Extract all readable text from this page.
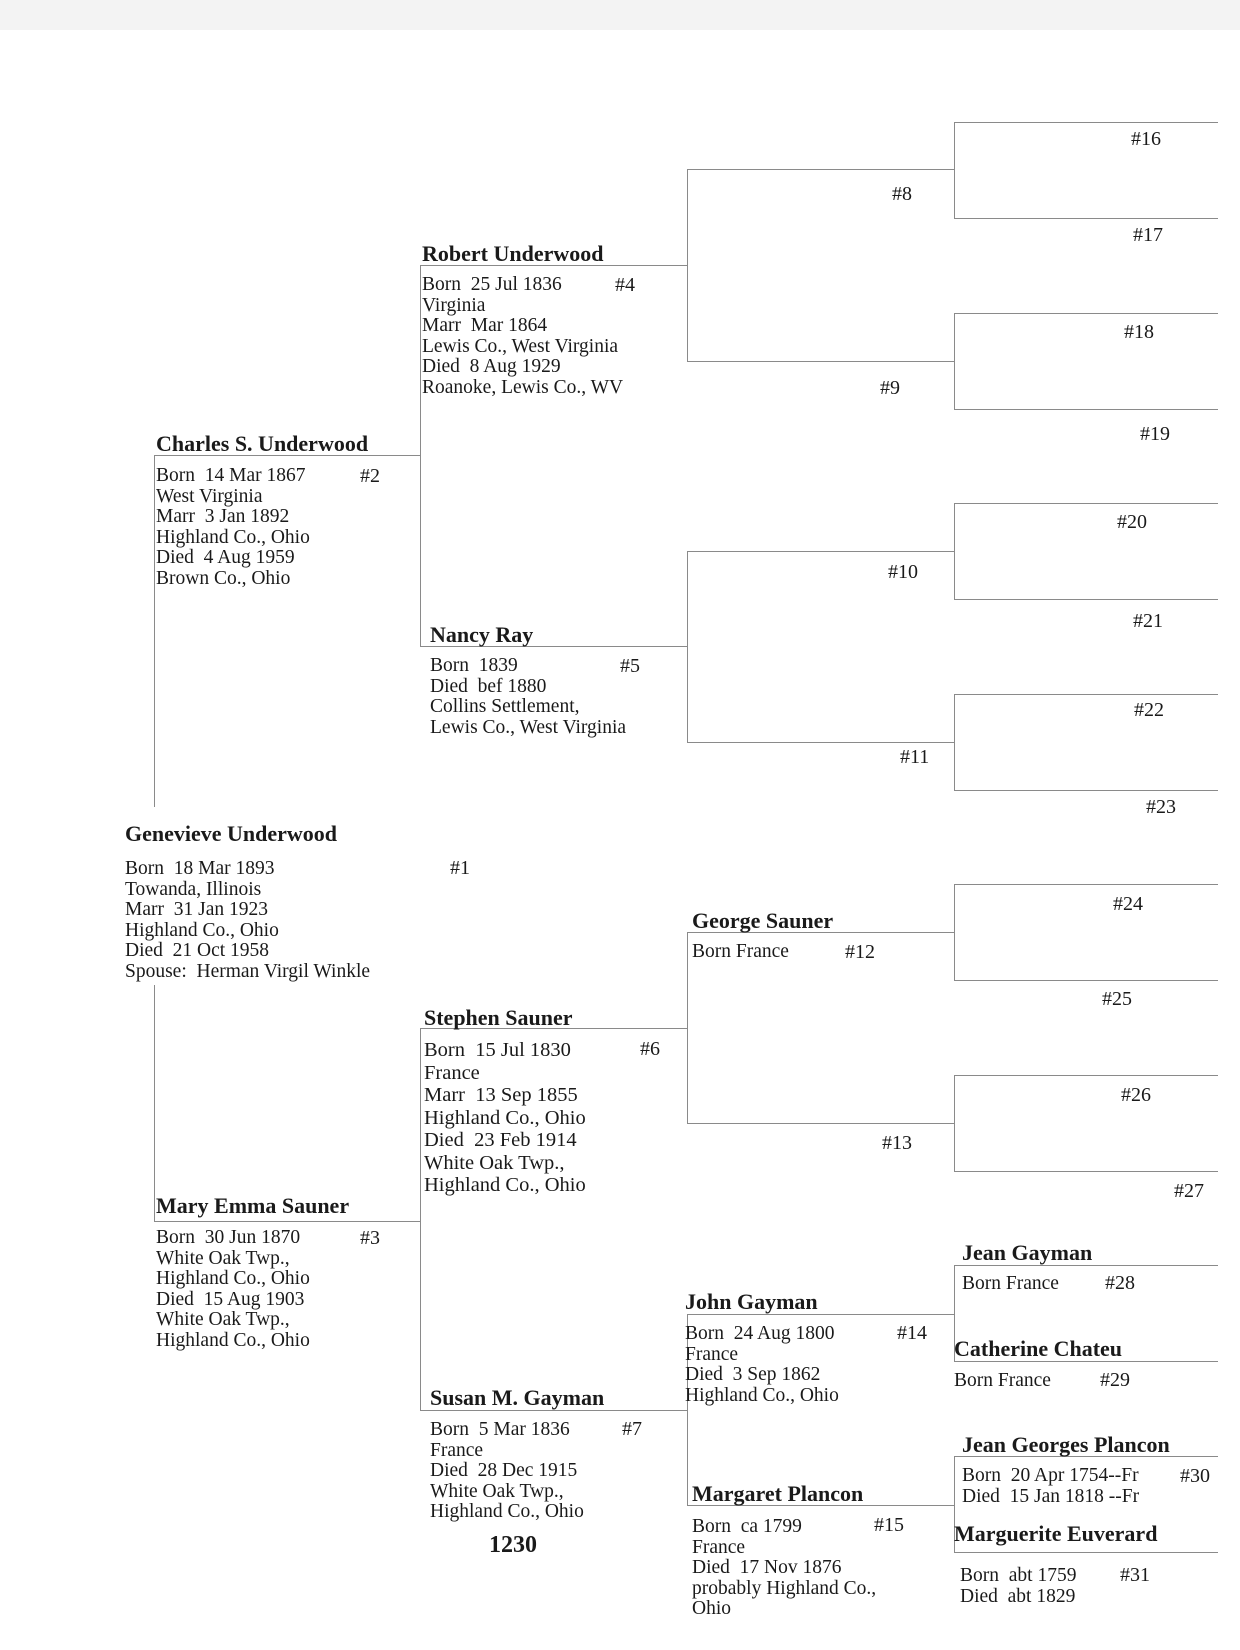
Genevieve Underwood
Born  18 Mar 1893
Towanda, Illinois
Marr  31 Jan 1923
Highland Co., Ohio
Died  21 Oct 1958
Spouse:  Herman Virgil Winkle
#1
Charles S. Underwood
Born  14 Mar 1867
West Virginia
Marr  3 Jan 1892
Highland Co., Ohio
Died  4 Aug 1959
Brown Co., Ohio
#2
Mary Emma Sauner
Born  30 Jun 1870
White Oak Twp.,
Highland Co., Ohio
Died  15 Aug 1903
White Oak Twp.,
Highland Co., Ohio
#3
Robert Underwood
Born  25 Jul 1836
Virginia
Marr  Mar 1864
Lewis Co., West Virginia
Died  8 Aug 1929
Roanoke, Lewis Co., WV
#4
Nancy Ray
Born  1839
Died  bef 1880
Collins Settlement,
Lewis Co., West Virginia
#5
Stephen Sauner
Born  15 Jul 1830
France
Marr  13 Sep 1855
Highland Co., Ohio
Died  23 Feb 1914
White Oak Twp.,
Highland Co., Ohio
#6
Susan M. Gayman
Born  5 Mar 1836
France
Died  28 Dec 1915
White Oak Twp.,
Highland Co., Ohio
#7
George Sauner
Born France	#12
John Gayman
Born  24 Aug 1800
France
Died  3 Sep 1862
Highland Co., Ohio
#14
Margaret Plancon
Born  ca 1799
France
Died  17 Nov 1876
probably Highland Co.,
Ohio
#15
Jean Gayman
Born France #28
Catherine Chateu
Born France #29
Jean Georges Plancon
Born  20 Apr 1754--Fr
Died  15 Jan 1818 --Fr
#30
Marguerite Euverard
Born  abt 1759
Died  abt 1829
#31
#8
#9
#10
#11
#13
#16
#17
#18
#19
#20
#21
#22
#23
#24
#25
#26
#27
1230
